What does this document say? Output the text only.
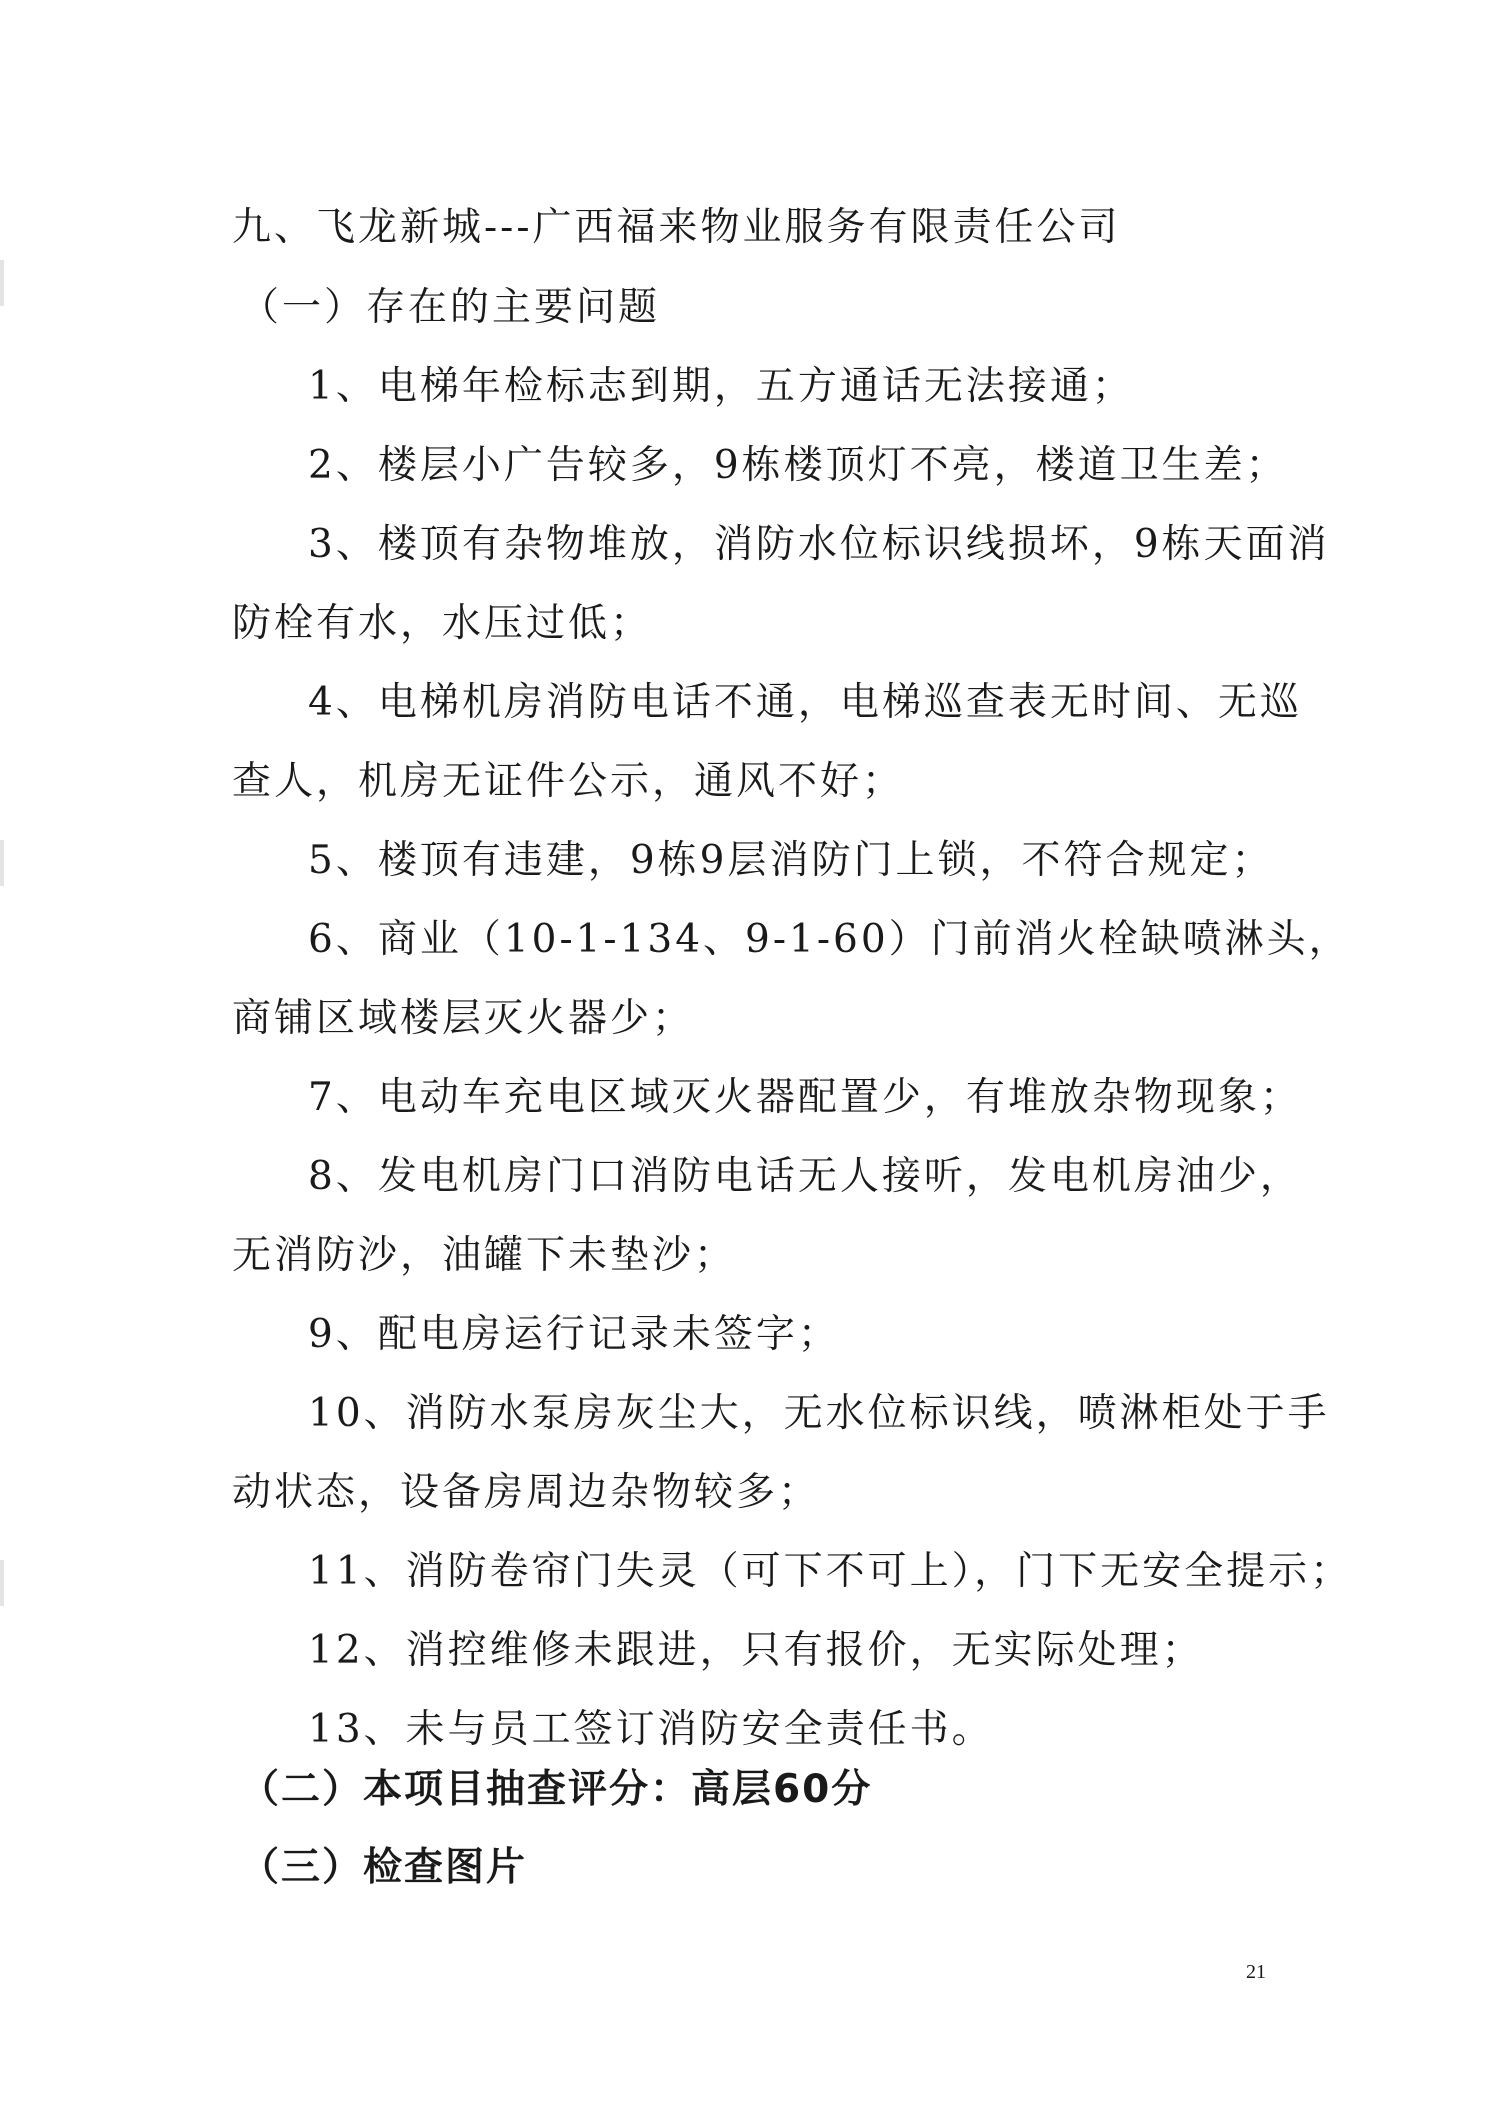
九、飞龙新城---广西福来物业服务有限责任公司
（一）存在的主要问题
1、电梯年检标志到期，五方通话无法接通；
2、楼层小广告较多，9栋楼顶灯不亮，楼道卫生差；
3、楼顶有杂物堆放，消防水位标识线损坏，9栋天面消
防栓有水，水压过低；
4、电梯机房消防电话不通，电梯巡查表无时间、无巡
查人，机房无证件公示，通风不好；
5、楼顶有违建，9栋9层消防门上锁，不符合规定；
6、商业（10-1-134、9-1-60）门前消火栓缺喷淋头，
商铺区域楼层灭火器少；
7、电动车充电区域灭火器配置少，有堆放杂物现象；
8、发电机房门口消防电话无人接听，发电机房油少，
无消防沙，油罐下未垫沙；
9、配电房运行记录未签字；
10、消防水泵房灰尘大，无水位标识线，喷淋柜处于手
动状态，设备房周边杂物较多；
11、消防卷帘门失灵（可下不可上），门下无安全提示；
12、消控维修未跟进，只有报价，无实际处理；
13、未与员工签订消防安全责任书。
（二）本项目抽查评分：高层60分
（三）检查图片
21
